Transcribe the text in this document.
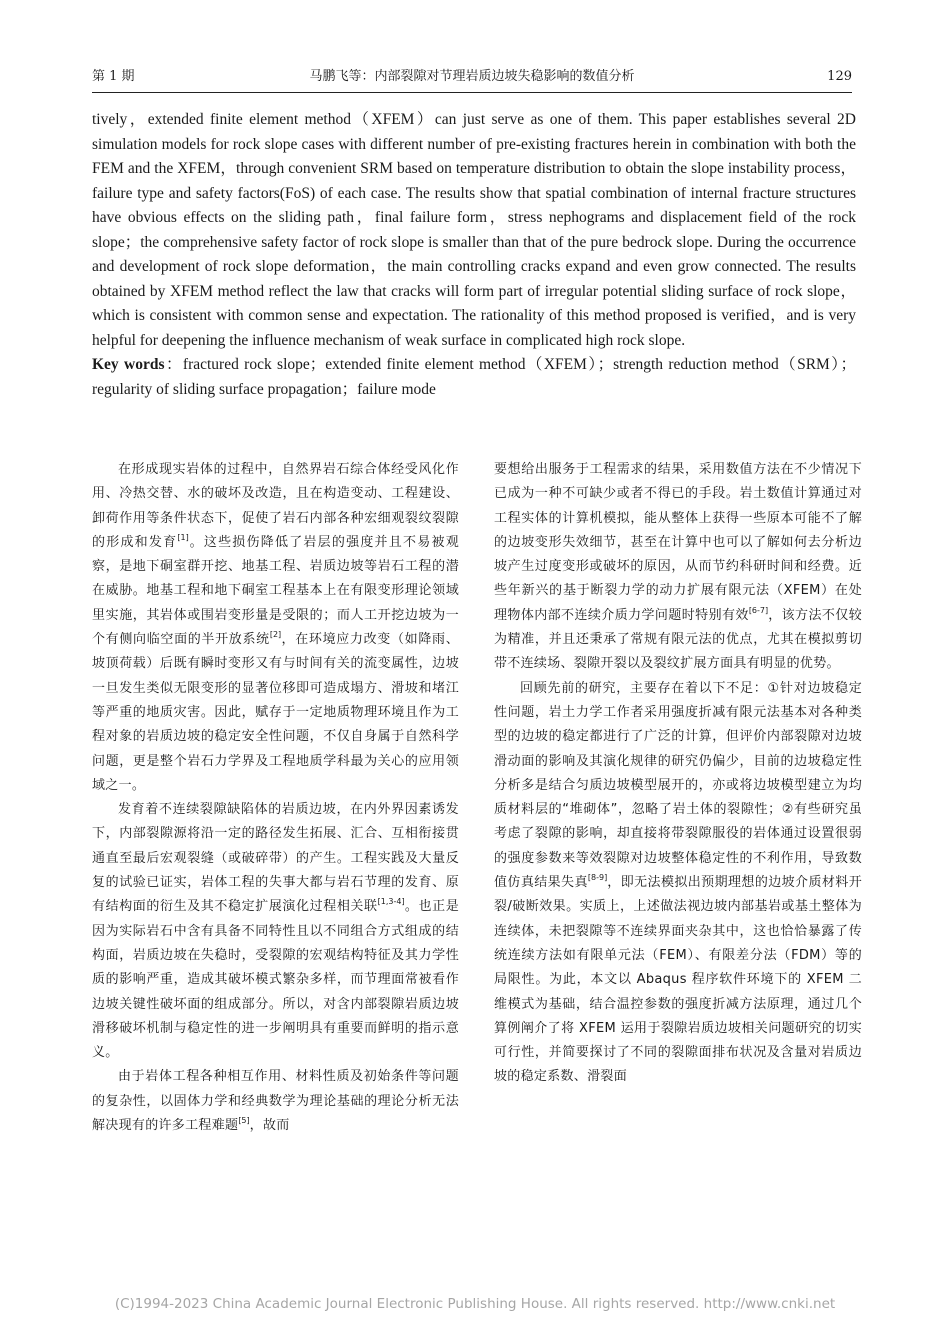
第 1 期	马鹏飞等：内部裂隙对节理岩质边坡失稳影响的数值分析	129

tively，extended finite element method（XFEM）can just serve as one of them. This paper establishes several 2D simulation models for rock slope cases with different number of pre-existing fractures herein in combination with both the FEM and the XFEM，through convenient SRM based on temperature distribution to obtain the slope instability process，failure type and safety factors(FoS) of each case. The results show that spatial combination of internal fracture structures have obvious effects on the sliding path，final failure form，stress nephograms and displacement field of the rock slope；the comprehensive safety factor of rock slope is smaller than that of the pure bedrock slope. During the occurrence and development of rock slope deformation，the main controlling cracks expand and even grow connected. The results obtained by XFEM method reflect the law that cracks will form part of irregular potential sliding surface of rock slope，which is consistent with common sense and expectation. The rationality of this method proposed is verified，and is very helpful for deepening the influence mechanism of weak surface in complicated high rock slope.

Key words：fractured rock slope；extended finite element method（XFEM）；strength reduction method（SRM）；regularity of sliding surface propagation；failure mode

在形成现实岩体的过程中，自然界岩石综合体经受风化作用、冷热交替、水的破坏及改造，且在构造变动、工程建设、卸荷作用等条件状态下，促使了岩石内部各种宏细观裂纹裂隙的形成和发育[1]。这些损伤降低了岩层的强度并且不易被观察，是地下硐室群开挖、地基工程、岩质边坡等岩石工程的潜在威胁。地基工程和地下硐室工程基本上在有限变形理论领域里实施，其岩体或围岩变形量是受限的；而人工开挖边坡为一个有侧向临空面的半开放系统[2]，在环境应力改变（如降雨、坡顶荷载）后既有瞬时变形又有与时间有关的流变属性，边坡一旦发生类似无限变形的显著位移即可造成塌方、滑坡和堵江等严重的地质灾害。因此，赋存于一定地质物理环境且作为工程对象的岩质边坡的稳定安全性问题，不仅自身属于自然科学问题，更是整个岩石力学界及工程地质学科最为关心的应用领域之一。

发育着不连续裂隙缺陷体的岩质边坡，在内外界因素诱发下，内部裂隙源将沿一定的路径发生拓展、汇合、互相衔接贯通直至最后宏观裂缝（或破碎带）的产生。工程实践及大量反复的试验已证实，岩体工程的失事大都与岩石节理的发育、原有结构面的衍生及其不稳定扩展演化过程相关联[1,3-4]。也正是因为实际岩石中含有具备不同特性且以不同组合方式组成的结构面，岩质边坡在失稳时，受裂隙的宏观结构特征及其力学性质的影响严重，造成其破坏模式繁杂多样，而节理面常被看作边坡关键性破坏面的组成部分。所以，对含内部裂隙岩质边坡滑移破坏机制与稳定性的进一步阐明具有重要而鲜明的指示意义。

由于岩体工程各种相互作用、材料性质及初始条件等问题的复杂性，以固体力学和经典数学为理论基础的理论分析无法解决现有的许多工程难题[5]，故而

要想给出服务于工程需求的结果，采用数值方法在不少情况下已成为一种不可缺少或者不得已的手段。岩土数值计算通过对工程实体的计算机模拟，能从整体上获得一些原本可能不了解的边坡变形失效细节，甚至在计算中也可以了解如何去分析边坡产生过度变形或破坏的原因，从而节约科研时间和经费。近些年新兴的基于断裂力学的动力扩展有限元法（XFEM）在处理物体内部不连续介质力学问题时特别有效[6-7]，该方法不仅较为精准，并且还秉承了常规有限元法的优点，尤其在模拟剪切带不连续场、裂隙开裂以及裂纹扩展方面具有明显的优势。

回顾先前的研究，主要存在着以下不足：①针对边坡稳定性问题，岩土力学工作者采用强度折减有限元法基本对各种类型的边坡的稳定都进行了广泛的计算，但评价内部裂隙对边坡滑动面的影响及其演化规律的研究仍偏少，目前的边坡稳定性分析多是结合匀质边坡模型展开的，亦或将边坡模型建立为均质材料层的“堆砌体”，忽略了岩土体的裂隙性；②有些研究虽考虑了裂隙的影响，却直接将带裂隙服役的岩体通过设置很弱的强度参数来等效裂隙对边坡整体稳定性的不利作用，导致数值仿真结果失真[8-9]，即无法模拟出预期理想的边坡介质材料开裂/破断效果。实质上，上述做法视边坡内部基岩或基土整体为连续体，未把裂隙等不连续界面夹杂其中，这也恰恰暴露了传统连续方法如有限单元法（FEM）、有限差分法（FDM）等的局限性。为此，本文以 Abaqus 程序软件环境下的 XFEM 二维模式为基础，结合温控参数的强度折减方法原理，通过几个算例阐介了将 XFEM 运用于裂隙岩质边坡相关问题研究的切实可行性，并简要探讨了不同的裂隙面排布状况及含量对岩质边坡的稳定系数、滑裂面

(C)1994-2023 China Academic Journal Electronic Publishing House. All rights reserved. http://www.cnki.net
